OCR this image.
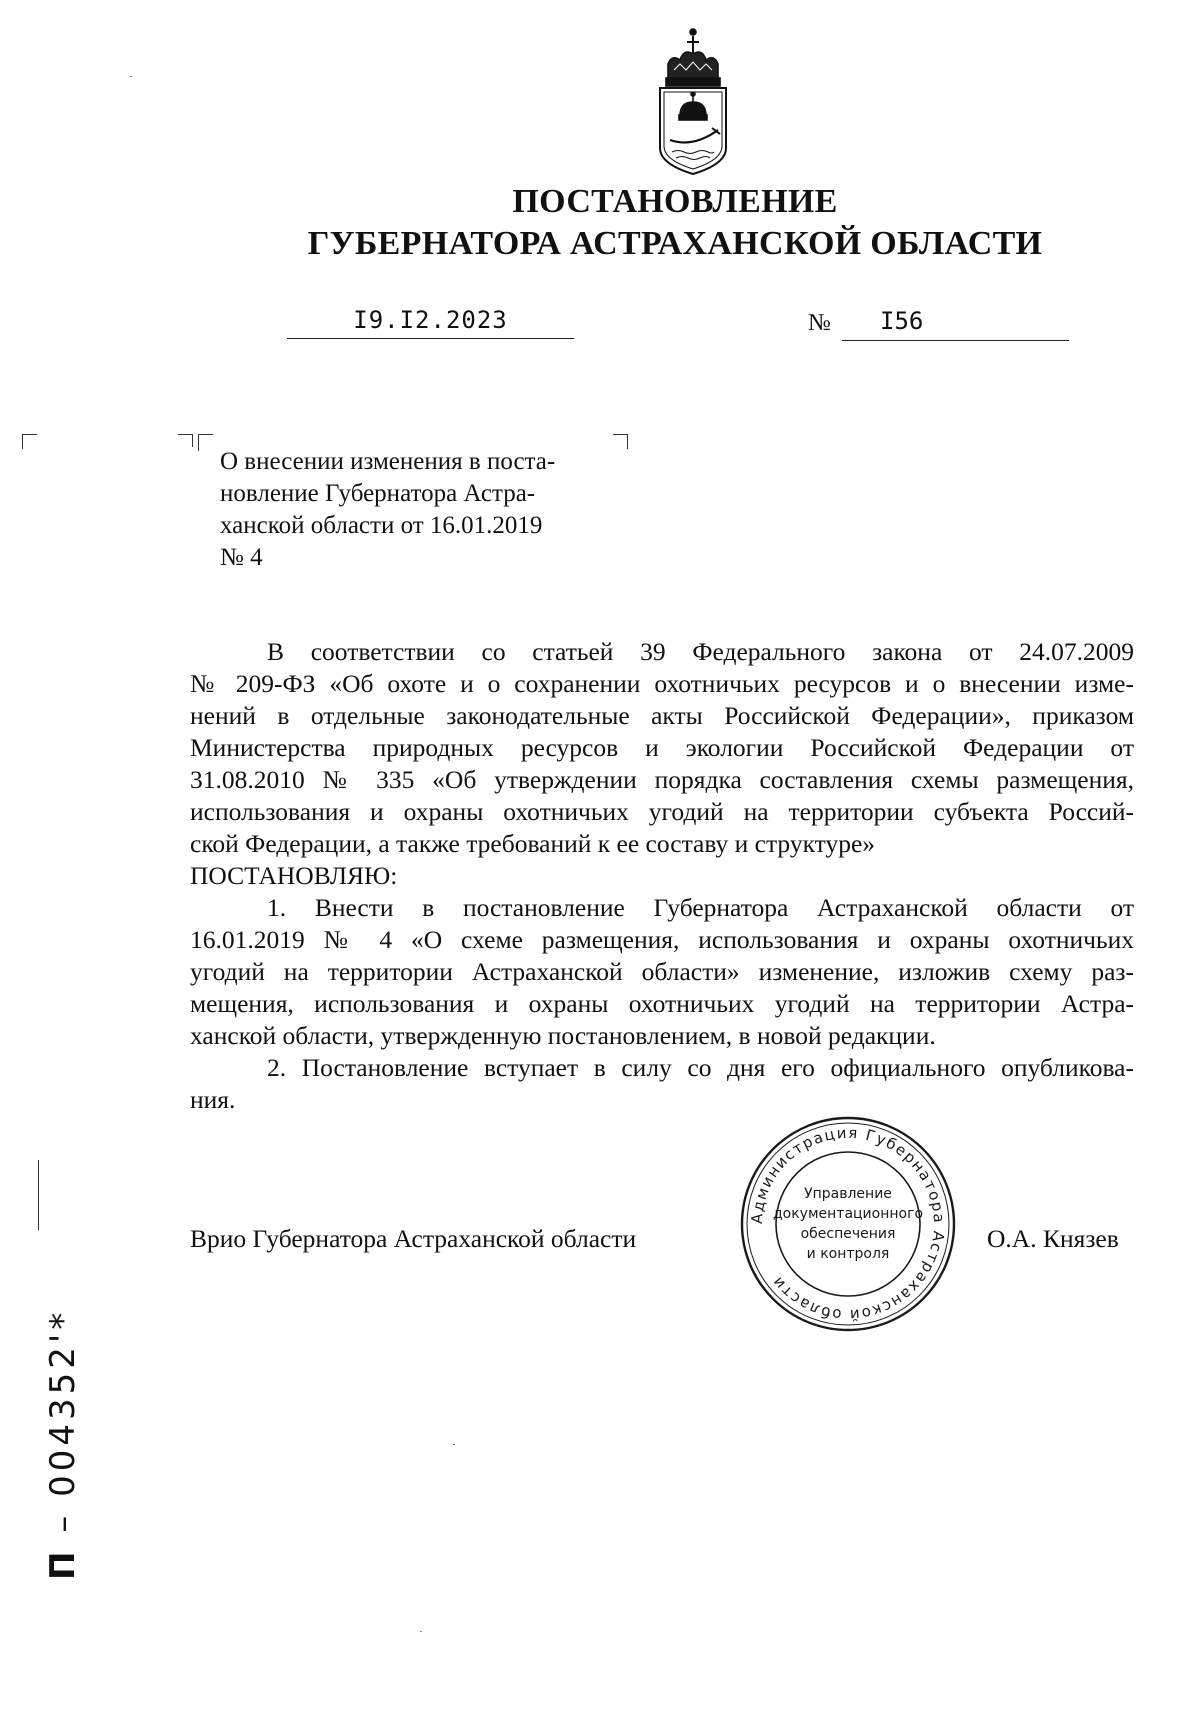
ПОСТАНОВЛЕНИЕ
ГУБЕРНАТОРА АСТРАХАНСКОЙ ОБЛАСТИ
I9.I2.2023	№ I56
О внесении изменения в поста-
новление Губернатора Астра-
ханской области от 16.01.2019
№ 4
В соответствии со статьей 39 Федерального закона от 24.07.2009
№ 209-ФЗ «Об охоте и о сохранении охотничьих ресурсов и о внесении изме-
нений в отдельные законодательные акты Российской Федерации», приказом
Министерства природных ресурсов и экологии Российской Федерации от
31.08.2010 № 335 «Об утверждении порядка составления схемы размещения,
использования и охраны охотничьих угодий на территории субъекта Россий-
ской Федерации, а также требований к ее составу и структуре»
ПОСТАНОВЛЯЮ:
1. Внести в постановление Губернатора Астраханской области от
16.01.2019 № 4 «О схеме размещения, использования и охраны охотничьих
угодий на территории Астраханской области» изменение, изложив схему раз-
мещения, использования и охраны охотничьих угодий на территории Астра-
ханской области, утвержденную постановлением, в новой редакции.
2. Постановление вступает в силу со дня его официального опубликова-
ния.
Врио Губернатора Астраханской области	О.А. Князев
Администрация Губернатора Астраханской области
Управление
документационного
обеспечения
и контроля
П – 004352'*
